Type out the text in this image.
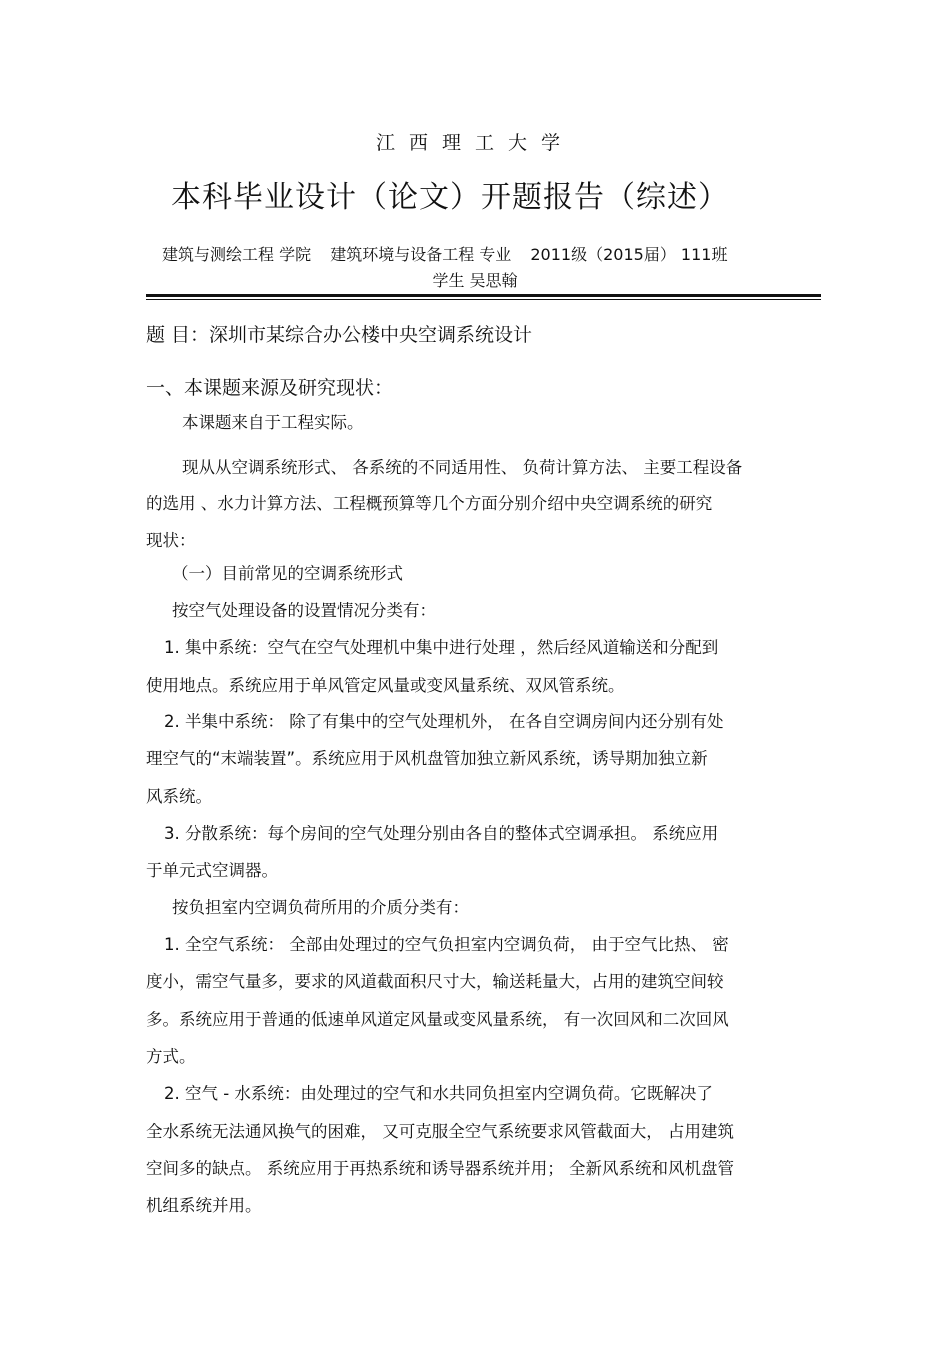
江西理工大学
本科毕业设计（论文）开题报告（综述）
建筑与测绘工程 学院 建筑环境与设备工程 专业 2011级（2015届） 111班
学生 吴思翰
题 目：深圳市某综合办公楼中央空调系统设计
一、本课题来源及研究现状：
本课题来自于工程实际。
现从从空调系统形式、 各系统的不同适用性、 负荷计算方法、 主要工程设备
的选用 、水力计算方法、工程概预算等几个方面分别介绍中央空调系统的研究
现状：
（一）目前常见的空调系统形式
按空气处理设备的设置情况分类有：
1. 集中系统：空气在空气处理机中集中进行处理 ，然后经风道输送和分配到
使用地点。系统应用于单风管定风量或变风量系统、双风管系统。
2. 半集中系统： 除了有集中的空气处理机外， 在各自空调房间内还分别有处
理空气的“末端装置”。系统应用于风机盘管加独立新风系统，诱导期加独立新
风系统。
3. 分散系统：每个房间的空气处理分别由各自的整体式空调承担。 系统应用
于单元式空调器。
按负担室内空调负荷所用的介质分类有：
1. 全空气系统： 全部由处理过的空气负担室内空调负荷， 由于空气比热、 密
度小，需空气量多，要求的风道截面积尺寸大，输送耗量大，占用的建筑空间较
多。系统应用于普通的低速单风道定风量或变风量系统， 有一次回风和二次回风
方式。
2. 空气 - 水系统：由处理过的空气和水共同负担室内空调负荷。它既解决了
全水系统无法通风换气的困难， 又可克服全空气系统要求风管截面大， 占用建筑
空间多的缺点。 系统应用于再热系统和诱导器系统并用； 全新风系统和风机盘管
机组系统并用。
